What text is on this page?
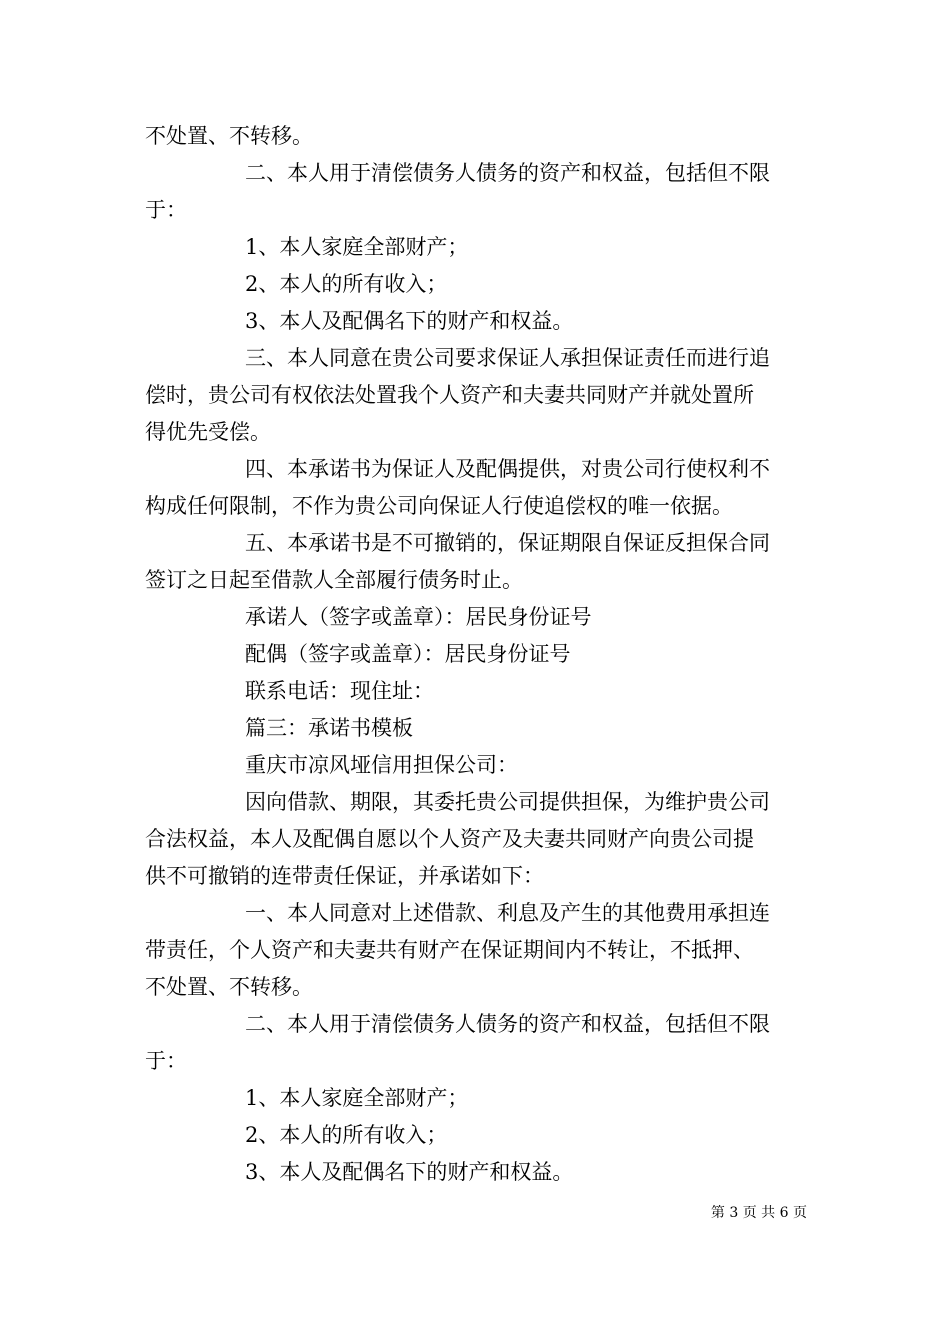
不处置、不转移。
二、本人用于清偿债务人债务的资产和权益，包括但不限
于：
1、本人家庭全部财产；
2、本人的所有收入；
3、本人及配偶名下的财产和权益。
三、本人同意在贵公司要求保证人承担保证责任而进行追
偿时，贵公司有权依法处置我个人资产和夫妻共同财产并就处置所
得优先受偿。
四、本承诺书为保证人及配偶提供，对贵公司行使权利不
构成任何限制，不作为贵公司向保证人行使追偿权的唯一依据。
五、本承诺书是不可撤销的，保证期限自保证反担保合同
签订之日起至借款人全部履行债务时止。
承诺人（签字或盖章）：居民身份证号
配偶（签字或盖章）：居民身份证号
联系电话：现住址：
篇三：承诺书模板
重庆市凉风垭信用担保公司：
因向借款、期限，其委托贵公司提供担保，为维护贵公司
合法权益，本人及配偶自愿以个人资产及夫妻共同财产向贵公司提
供不可撤销的连带责任保证，并承诺如下：
一、本人同意对上述借款、利息及产生的其他费用承担连
带责任，个人资产和夫妻共有财产在保证期间内不转让，不抵押、
不处置、不转移。
二、本人用于清偿债务人债务的资产和权益，包括但不限
于：
1、本人家庭全部财产；
2、本人的所有收入；
3、本人及配偶名下的财产和权益。
第 3 页 共 6 页
